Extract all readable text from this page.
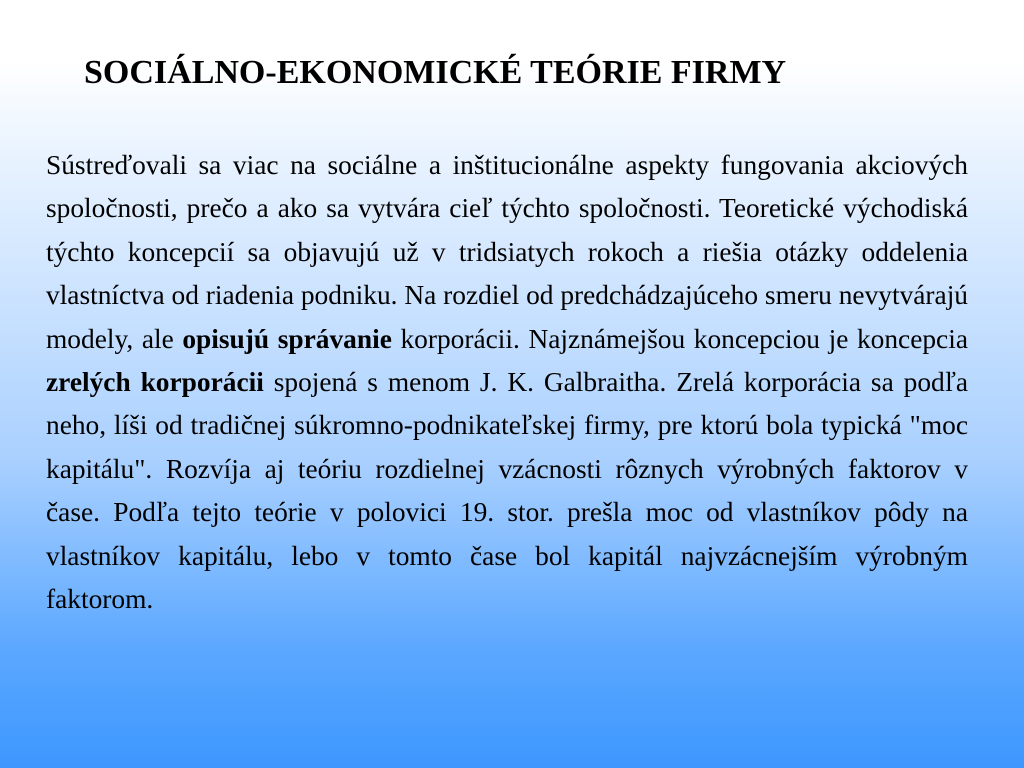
SOCIÁLNO-EKONOMICKÉ TEÓRIE FIRMY

Sústreďovali sa viac na sociálne a inštitucionálne aspekty fungovania akciových spoločnosti, prečo a ako sa vytvára cieľ týchto spoločnosti. Teoretické východiská týchto koncepcií sa objavujú už v tridsiatych rokoch a riešia otázky oddelenia vlastníctva od riadenia podniku. Na rozdiel od predchádzajúceho smeru nevytvárajú modely, ale opisujú správanie korporácii. Najznámejšou koncepciou je koncepcia zrelých korporácii spojená s menom J. K. Galbraitha. Zrelá korporácia sa podľa neho, líši od tradičnej súkromno-podnikateľskej firmy, pre ktorú bola typická "moc kapitálu". Rozvíja aj teóriu rozdielnej vzácnosti rôznych výrobných faktorov v čase. Podľa tejto teórie v polovici 19. stor. prešla moc od vlastníkov pôdy na vlastníkov kapitálu, lebo v tomto čase bol kapitál najvzácnejším výrobným faktorom.
